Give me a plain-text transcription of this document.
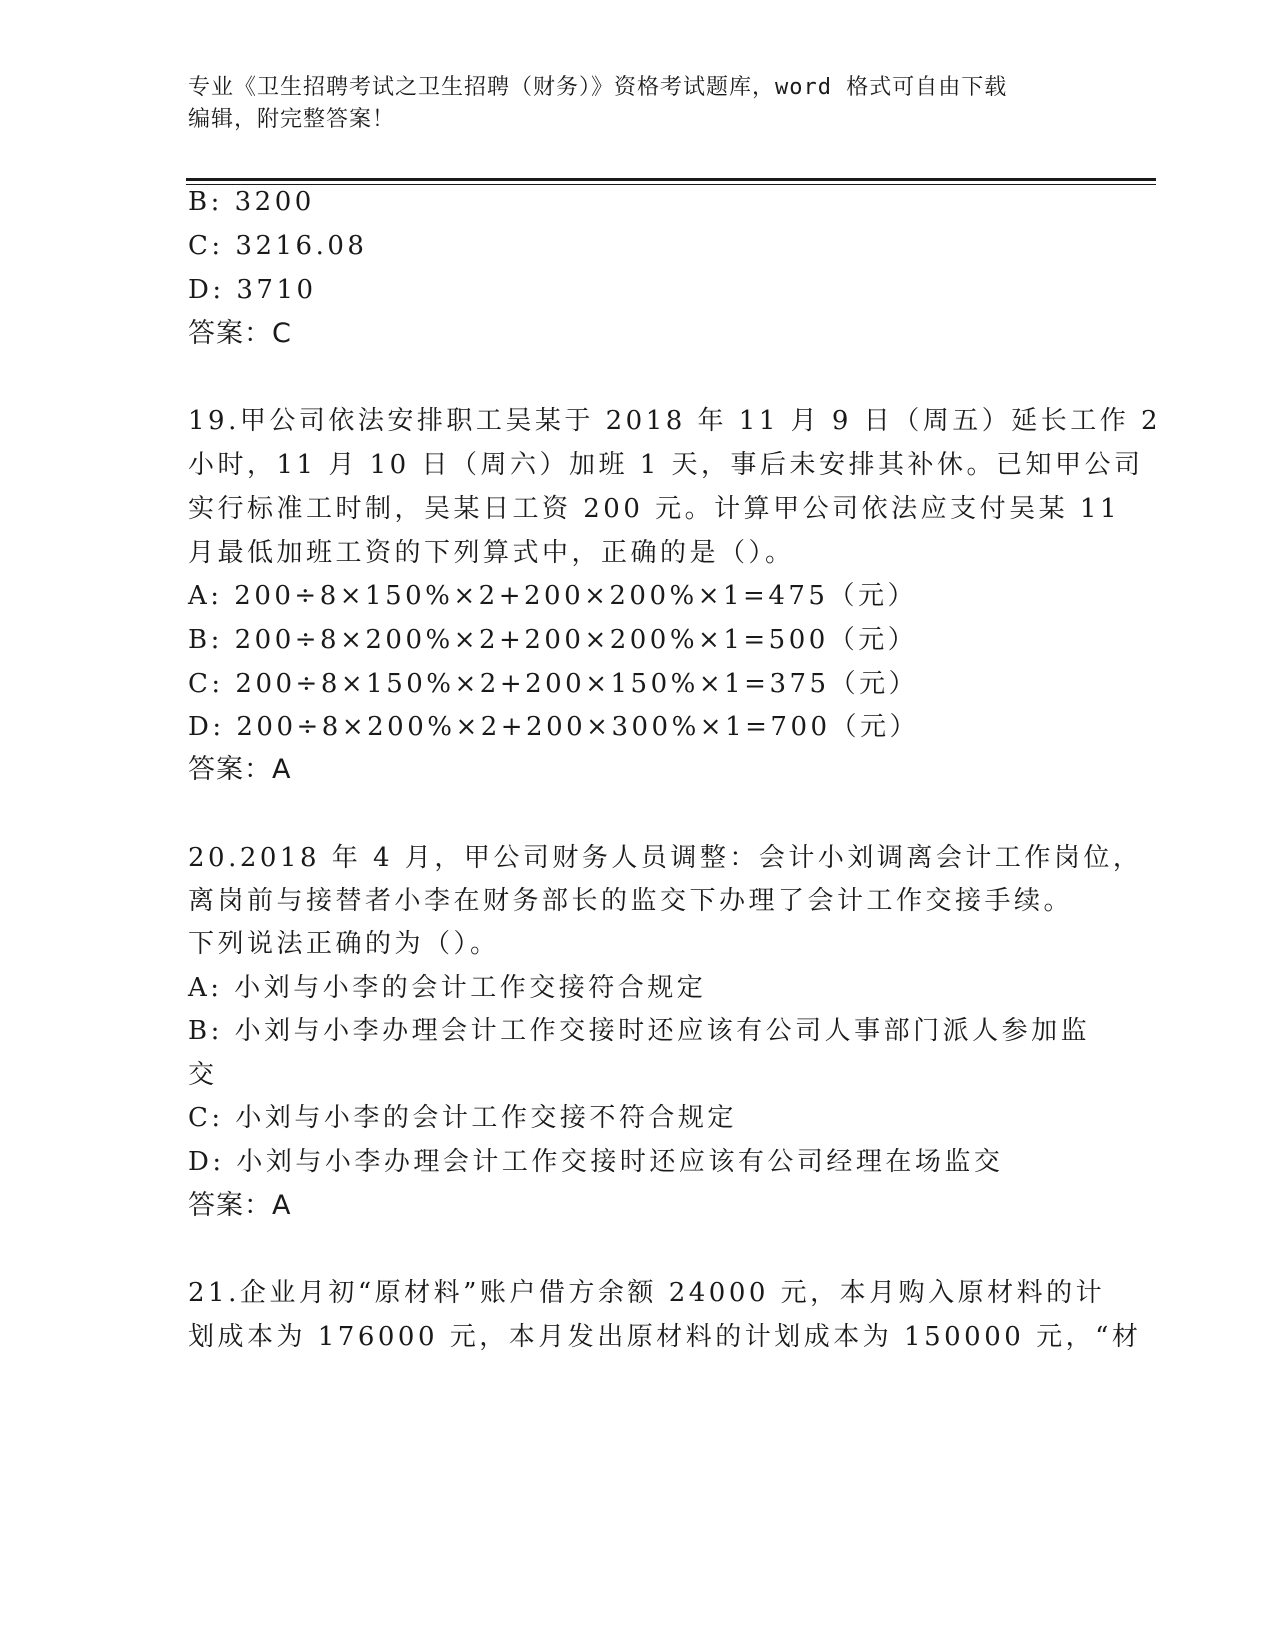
专业《卫生招聘考试之卫生招聘（财务）》资格考试题库，word 格式可自由下载
编辑，附完整答案！
B: 3200
C: 3216.08
D: 3710
答案：C
19.甲公司依法安排职工吴某于 2018 年 11 月 9 日（周五）延长工作 2
小时，11 月 10 日（周六）加班 1 天，事后未安排其补休。已知甲公司
实行标准工时制，吴某日工资 200 元。计算甲公司依法应支付吴某 11
月最低加班工资的下列算式中，正确的是（）。
A: 200÷8×150%×2+200×200%×1=475（元）
B: 200÷8×200%×2+200×200%×1=500（元）
C: 200÷8×150%×2+200×150%×1=375（元）
D: 200÷8×200%×2+200×300%×1=700（元）
答案：A
20.2018 年 4 月，甲公司财务人员调整：会计小刘调离会计工作岗位，
离岗前与接替者小李在财务部长的监交下办理了会计工作交接手续。
下列说法正确的为（）。
A: 小刘与小李的会计工作交接符合规定
B: 小刘与小李办理会计工作交接时还应该有公司人事部门派人参加监
交
C: 小刘与小李的会计工作交接不符合规定
D: 小刘与小李办理会计工作交接时还应该有公司经理在场监交
答案：A
21.企业月初“原材料”账户借方余额 24000 元，本月购入原材料的计
划成本为 176000 元，本月发出原材料的计划成本为 150000 元，“材
